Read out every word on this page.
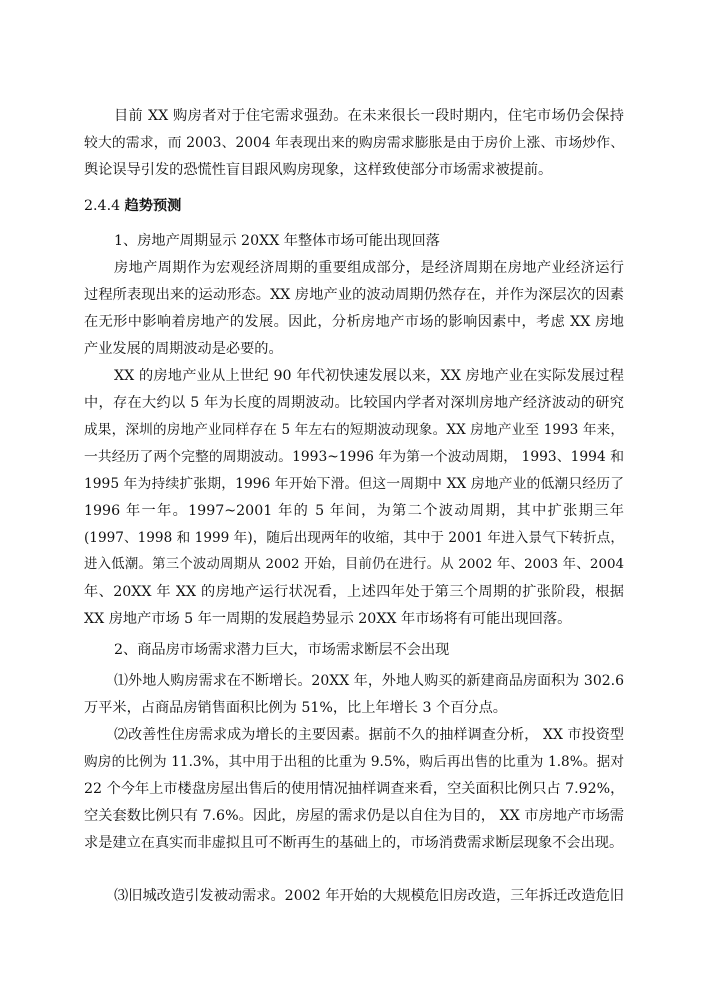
目前 XX 购房者对于住宅需求强劲。在未来很长一段时期内，住宅市场仍会保持
较大的需求，而 2003、2004 年表现出来的购房需求膨胀是由于房价上涨、市场炒作、
舆论误导引发的恐慌性盲目跟风购房现象，这样致使部分市场需求被提前。
2.4.4 趋势预测
1、房地产周期显示 20XX 年整体市场可能出现回落
房地产周期作为宏观经济周期的重要组成部分，是经济周期在房地产业经济运行
过程所表现出来的运动形态。XX 房地产业的波动周期仍然存在，并作为深层次的因素
在无形中影响着房地产的发展。因此，分析房地产市场的影响因素中，考虑 XX 房地
产业发展的周期波动是必要的。
XX 的房地产业从上世纪 90 年代初快速发展以来，XX 房地产业在实际发展过程
中，存在大约以 5 年为长度的周期波动。比较国内学者对深圳房地产经济波动的研究
成果，深圳的房地产业同样存在 5 年左右的短期波动现象。XX 房地产业至 1993 年来，
一共经历了两个完整的周期波动。1993~1996 年为第一个波动周期， 1993、1994 和
1995 年为持续扩张期，1996 年开始下滑。但这一周期中 XX 房地产业的低潮只经历了
1996 年一年。1997~2001 年的 5 年间，为第二个波动周期，其中扩张期三年
(1997、1998 和 1999 年)，随后出现两年的收缩，其中于 2001 年进入景气下转折点，
进入低潮。第三个波动周期从 2002 开始，目前仍在进行。从 2002 年、2003 年、2004
年、20XX 年 XX 的房地产运行状况看，上述四年处于第三个周期的扩张阶段，根据
XX 房地产市场 5 年一周期的发展趋势显示 20XX 年市场将有可能出现回落。
2、商品房市场需求潜力巨大，市场需求断层不会出现
⑴外地人购房需求在不断增长。20XX 年，外地人购买的新建商品房面积为 302.6
万平米，占商品房销售面积比例为 51%，比上年增长 3 个百分点。
⑵改善性住房需求成为增长的主要因素。据前不久的抽样调查分析， XX 市投资型
购房的比例为 11.3%，其中用于出租的比重为 9.5%，购后再出售的比重为 1.8%。据对
22 个今年上市楼盘房屋出售后的使用情况抽样调查来看，空关面积比例只占 7.92%，
空关套数比例只有 7.6%。因此，房屋的需求仍是以自住为目的， XX 市房地产市场需
求是建立在真实而非虚拟且可不断再生的基础上的，市场消费需求断层现象不会出现。
⑶旧城改造引发被动需求。2002 年开始的大规模危旧房改造，三年拆迁改造危旧
